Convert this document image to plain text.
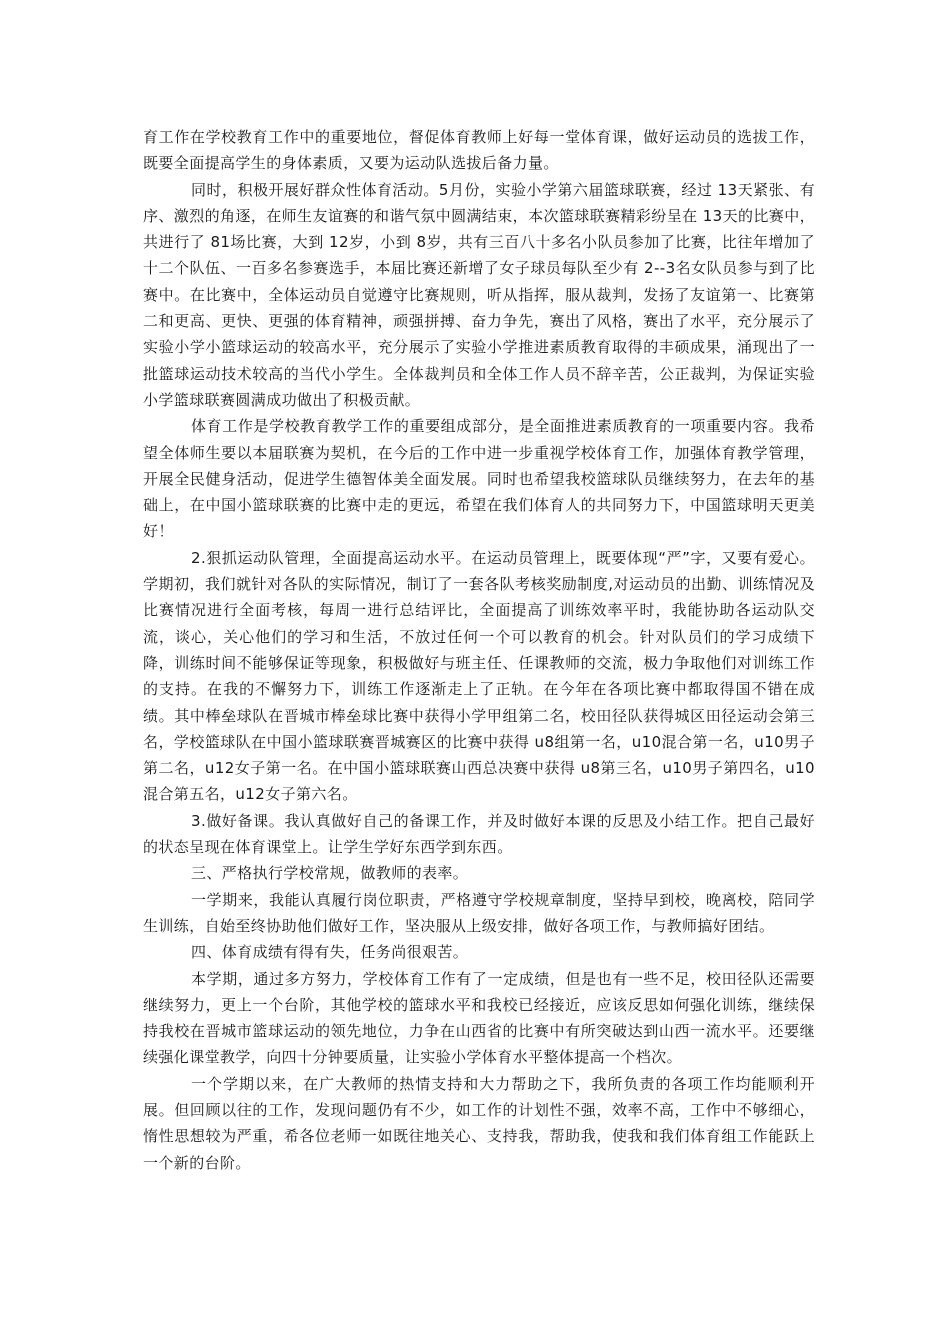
育工作在学校教育工作中的重要地位，督促体育教师上好每一堂体育课，做好运动员的选拔工作，既要全面提高学生的身体素质，又要为运动队选拔后备力量。

同时，积极开展好群众性体育活动。5月份，实验小学第六届篮球联赛，经过 13天紧张、有序、激烈的角逐，在师生友谊赛的和谐气氛中圆满结束，本次篮球联赛精彩纷呈在 13天的比赛中，共进行了 81场比赛，大到 12岁，小到 8岁，共有三百八十多名小队员参加了比赛，比往年增加了十二个队伍、一百多名参赛选手，本届比赛还新增了女子球员每队至少有 2--3名女队员参与到了比赛中。在比赛中，全体运动员自觉遵守比赛规则，听从指挥，服从裁判，发扬了友谊第一、比赛第二和更高、更快、更强的体育精神，顽强拼搏、奋力争先，赛出了风格，赛出了水平，充分展示了实验小学小篮球运动的较高水平，充分展示了实验小学推进素质教育取得的丰硕成果，涌现出了一批篮球运动技术较高的当代小学生。全体裁判员和全体工作人员不辞辛苦，公正裁判，为保证实验小学篮球联赛圆满成功做出了积极贡献。

体育工作是学校教育教学工作的重要组成部分，是全面推进素质教育的一项重要内容。我希望全体师生要以本届联赛为契机，在今后的工作中进一步重视学校体育工作，加强体育教学管理，开展全民健身活动，促进学生德智体美全面发展。同时也希望我校篮球队员继续努力，在去年的基础上，在中国小篮球联赛的比赛中走的更远，希望在我们体育人的共同努力下，中国篮球明天更美好！

2.狠抓运动队管理，全面提高运动水平。在运动员管理上，既要体现“严”字，又要有爱心。学期初，我们就针对各队的实际情况，制订了一套各队考核奖励制度,对运动员的出勤、训练情况及比赛情况进行全面考核，每周一进行总结评比，全面提高了训练效率平时，我能协助各运动队交流，谈心，关心他们的学习和生活，不放过任何一个可以教育的机会。针对队员们的学习成绩下降，训练时间不能够保证等现象，积极做好与班主任、任课教师的交流，极力争取他们对训练工作的支持。在我的不懈努力下，训练工作逐渐走上了正轨。在今年在各项比赛中都取得国不错在成绩。其中棒垒球队在晋城市棒垒球比赛中获得小学甲组第二名，校田径队获得城区田径运动会第三名，学校篮球队在中国小篮球联赛晋城赛区的比赛中获得 u8组第一名，u10混合第一名，u10男子第二名，u12女子第一名。在中国小篮球联赛山西总决赛中获得 u8第三名，u10男子第四名，u10混合第五名，u12女子第六名。

3.做好备课。我认真做好自己的备课工作，并及时做好本课的反思及小结工作。把自己最好的状态呈现在体育课堂上。让学生学好东西学到东西。

三、严格执行学校常规，做教师的表率。

一学期来，我能认真履行岗位职责，严格遵守学校规章制度，坚持早到校，晚离校，陪同学生训练，自始至终协助他们做好工作，坚决服从上级安排，做好各项工作，与教师搞好团结。

四、体育成绩有得有失，任务尚很艰苦。

本学期，通过多方努力，学校体育工作有了一定成绩，但是也有一些不足，校田径队还需要继续努力，更上一个台阶，其他学校的篮球水平和我校已经接近，应该反思如何强化训练，继续保持我校在晋城市篮球运动的领先地位，力争在山西省的比赛中有所突破达到山西一流水平。还要继续强化课堂教学，向四十分钟要质量，让实验小学体育水平整体提高一个档次。

一个学期以来，在广大教师的热情支持和大力帮助之下，我所负责的各项工作均能顺利开展。但回顾以往的工作，发现问题仍有不少，如工作的计划性不强，效率不高，工作中不够细心，惰性思想较为严重，希各位老师一如既往地关心、支持我，帮助我，使我和我们体育组工作能跃上一个新的台阶。
